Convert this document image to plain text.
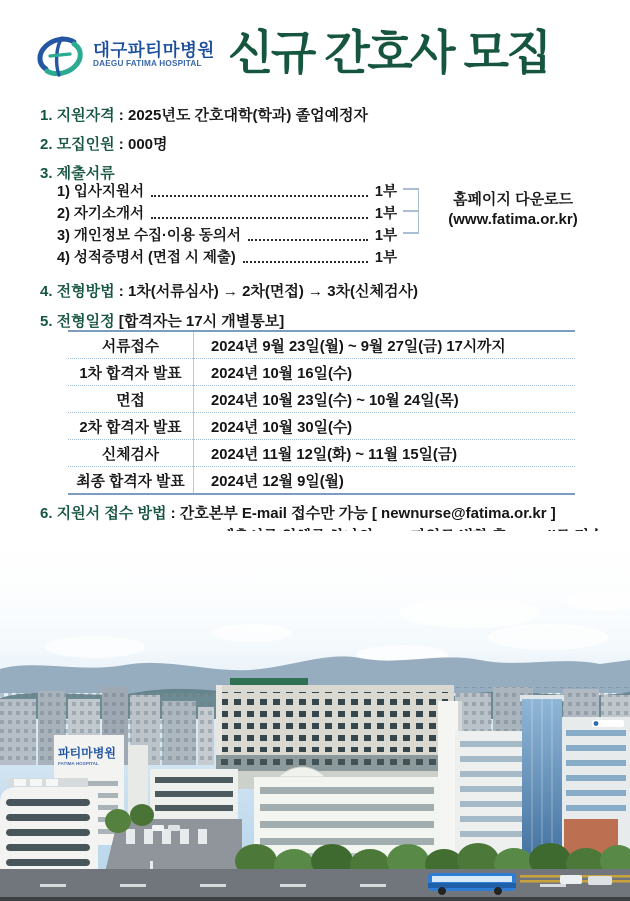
대구파티마병원
DAEGU FATIMA HOSPITAL 신규 간호사 모집
1. 지원자격 : 2025년도 간호대학(학과) 졸업예정자
2. 모집인원 : 000명
3. 제출서류
1) 입사지원서	1부
2) 자기소개서	1부
3) 개인정보 수집·이용 동의서	1부
4) 성적증명서 (면접 시 제출)	1부
홈페이지 다운로드
(www.fatima.or.kr)
4. 전형방법 : 1차(서류심사) → 2차(면접) → 3차(신체검사)
5. 전형일정 [합격자는 17시 개별통보]
서류접수	2024년 9월 23일(월) ~ 9월 27일(금) 17시까지
1차 합격자 발표	2024년 10월 16일(수)
면접	2024년 10월 23일(수) ~ 10월 24일(목)
2차 합격자 발표	2024년 10월 30일(수)
신체검사	2024년 11월 12일(화) ~ 11월 15일(금)
최종 합격자 발표	2024년 12월 9일(월)
6. 지원서 접수 방법 : 간호본부 E-mail 접수만 가능 [ newnurse@fatima.or.kr ]
파티마병원
FATIMA HOSPITAL
